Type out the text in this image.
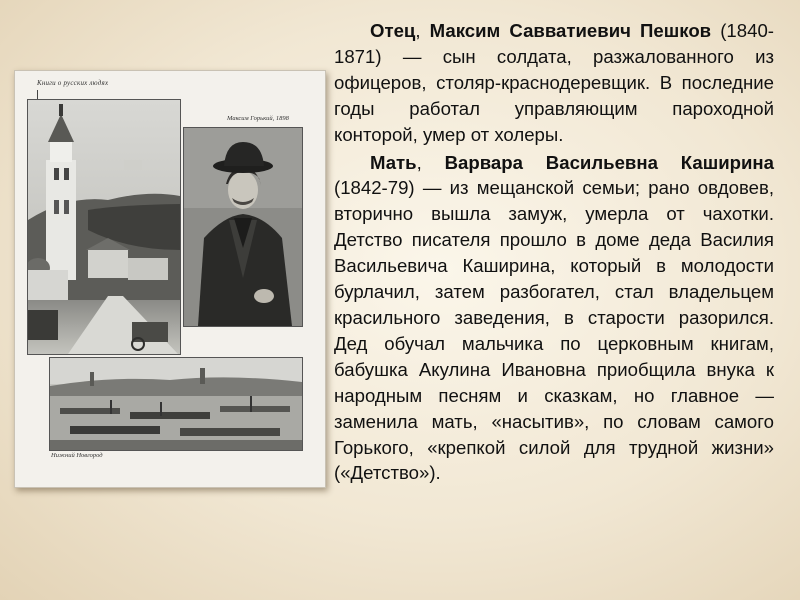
Книги о русских людях
Максим Горький, 1898
Нижний Новгород

Отец, Максим Савватиевич Пешков (1840-1871) — сын солдата, разжалованного из офицеров, столяр-краснодеревщик. В последние годы работал управляющим пароходной конторой, умер от холеры.

Мать, Варвара Васильевна Каширина (1842-79) — из мещанской семьи; рано овдовев, вторично вышла замуж, умерла от чахотки. Детство писателя прошло в доме деда Василия Васильевича Каширина, который в молодости бурлачил, затем разбогател, стал владельцем красильного заведения, в старости разорился. Дед обучал мальчика по церковным книгам, бабушка Акулина Ивановна приобщила внука к народным песням и сказкам, но главное — заменила мать, «насытив», по словам самого Горького, «крепкой силой для трудной жизни» («Детство»).
